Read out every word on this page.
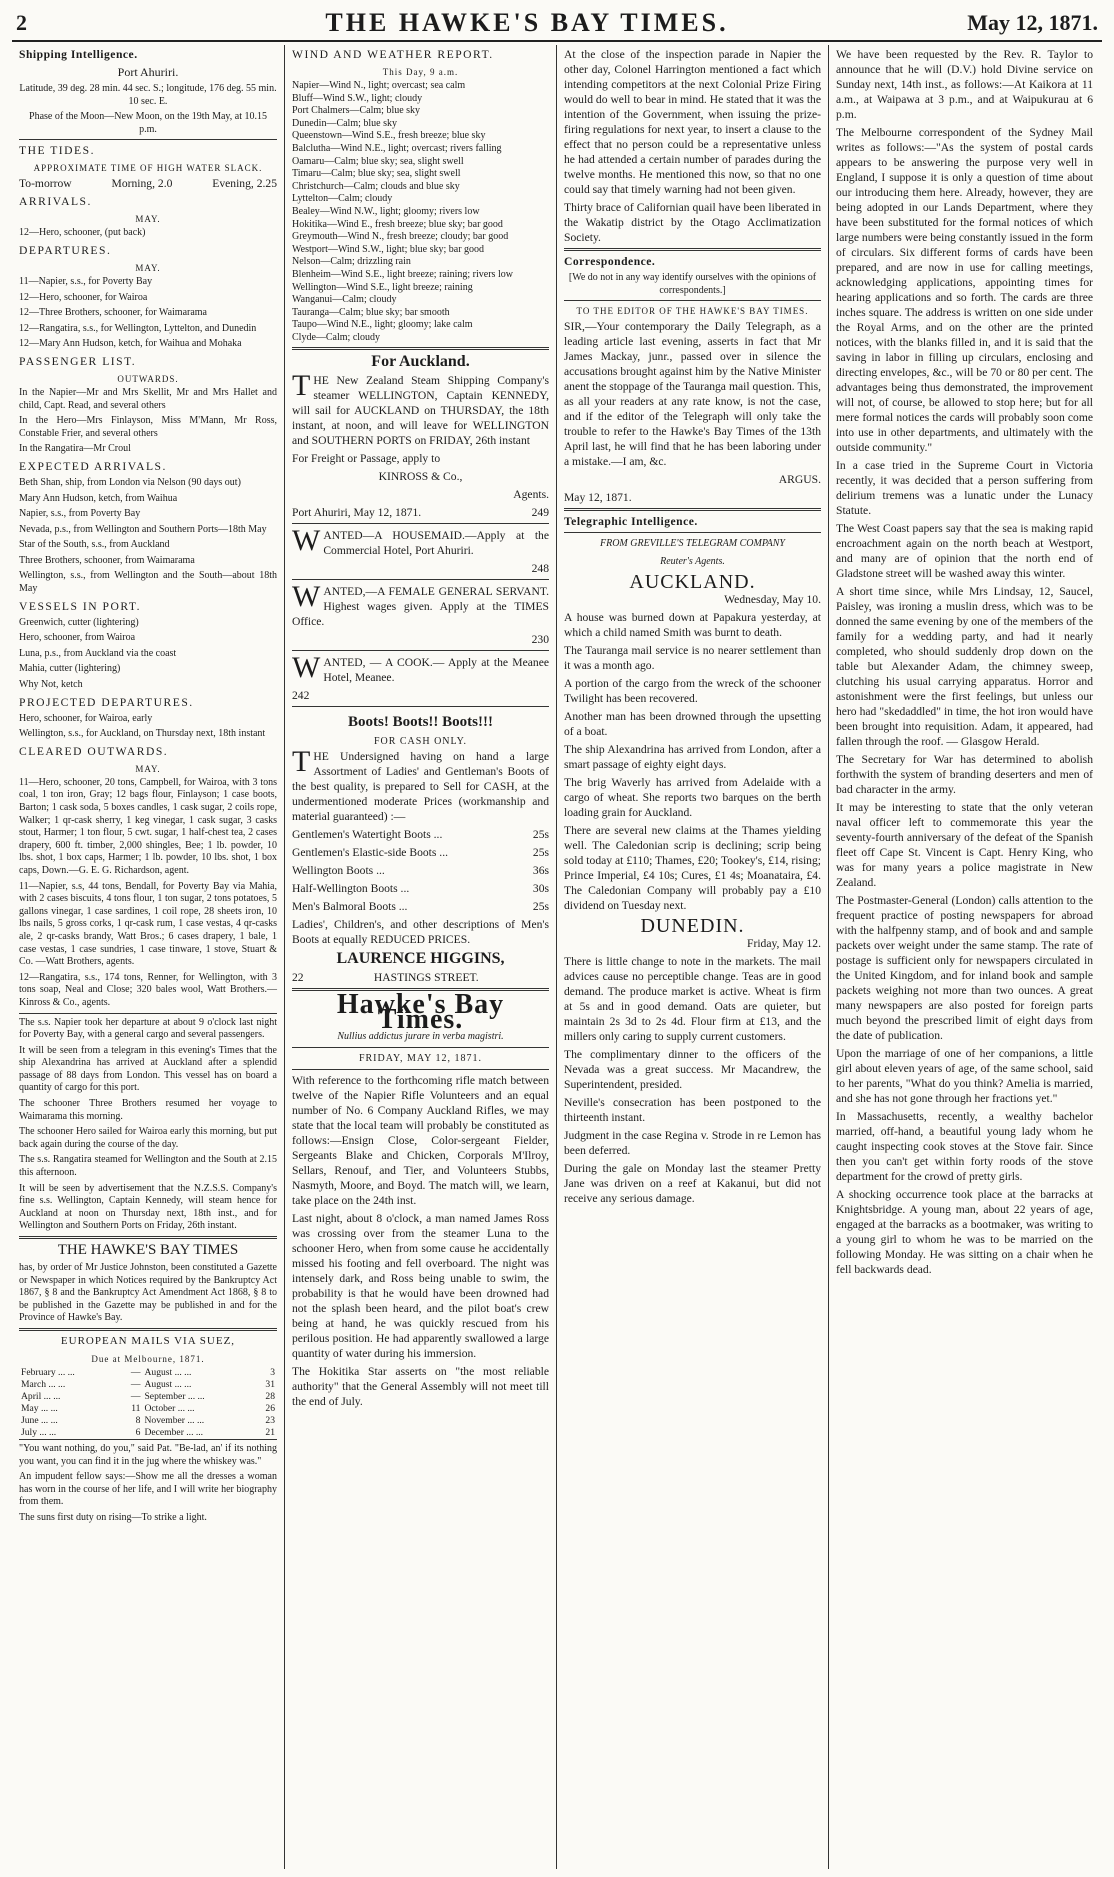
2	THE HAWKE'S BAY TIMES.	May 12, 1871.
Shipping Intelligence.
Port Ahuriri.

Latitude, 39 deg. 28 min. 44 sec. S.; longitude, 176 deg. 55 min. 10 sec. E.

Phase of the Moon—New Moon, on the 19th May, at 10.15 p.m.

THE TIDES.
APPROXIMATE TIME OF HIGH WATER SLACK.
To-morrow	Morning, 2.0	Evening, 2.25
ARRIVALS.
MAY.

12—Hero, schooner, (put back)

DEPARTURES.
MAY.

11—Napier, s.s., for Poverty Bay

12—Hero, schooner, for Wairoa

12—Three Brothers, schooner, for Waimarama

12—Rangatira, s.s., for Wellington, Lyttelton, and Dunedin

12—Mary Ann Hudson, ketch, for Waihua and Mohaka

PASSENGER LIST.
OUTWARDS.

In the Napier—Mr and Mrs Skellit, Mr and Mrs Hallet and child, Capt. Read, and several others

In the Hero—Mrs Finlayson, Miss M'Mann, Mr Ross, Constable Frier, and several others

In the Rangatira—Mr Croul

EXPECTED ARRIVALS.

Beth Shan, ship, from London via Nelson (90 days out)

Mary Ann Hudson, ketch, from Waihua

Napier, s.s., from Poverty Bay

Nevada, p.s., from Wellington and Southern Ports—18th May

Star of the South, s.s., from Auckland

Three Brothers, schooner, from Waimarama

Wellington, s.s., from Wellington and the South—about 18th May

VESSELS IN PORT.

Greenwich, cutter (lightering)

Hero, schooner, from Wairoa

Luna, p.s., from Auckland via the coast

Mahia, cutter (lightering)

Why Not, ketch

PROJECTED DEPARTURES.

Hero, schooner, for Wairoa, early

Wellington, s.s., for Auckland, on Thursday next, 18th instant

CLEARED OUTWARDS.
MAY.

11—Hero, schooner, 20 tons, Campbell, for Wairoa, with 3 tons coal, 1 ton iron, Gray; 12 bags flour, Finlayson; 1 case boots, Barton; 1 cask soda, 5 boxes candles, 1 cask sugar, 2 coils rope, Walker; 1 qr-cask sherry, 1 keg vinegar, 1 cask sugar, 3 casks stout, Harmer; 1 ton flour, 5 cwt. sugar, 1 half-chest tea, 2 cases drapery, 600 ft. timber, 2,000 shingles, Bee; 1 lb. powder, 10 lbs. shot, 1 box caps, Harmer; 1 lb. powder, 10 lbs. shot, 1 box caps, Down.—G. E. G. Richardson, agent.

11—Napier, s.s, 44 tons, Bendall, for Poverty Bay via Mahia, with 2 cases biscuits, 4 tons flour, 1 ton sugar, 2 tons potatoes, 5 gallons vinegar, 1 case sardines, 1 coil rope, 28 sheets iron, 10 lbs nails, 5 gross corks, 1 qr-cask rum, 1 case vestas, 4 qr-casks ale, 2 qr-casks brandy, Watt Bros.; 6 cases drapery, 1 bale, 1 case vestas, 1 case sundries, 1 case tinware, 1 stove, Stuart & Co. —Watt Brothers, agents.

12—Rangatira, s.s., 174 tons, Renner, for Wellington, with 3 tons soap, Neal and Close; 320 bales wool, Watt Brothers.—Kinross & Co., agents.

The s.s. Napier took her departure at about 9 o'clock last night for Poverty Bay, with a general cargo and several passengers.

It will be seen from a telegram in this evening's Times that the ship Alexandrina has arrived at Auckland after a splendid passage of 88 days from London. This vessel has on board a quantity of cargo for this port.

The schooner Three Brothers resumed her voyage to Waimarama this morning.

The schooner Hero sailed for Wairoa early this morning, but put back again during the course of the day.

The s.s. Rangatira steamed for Wellington and the South at 2.15 this afternoon.

It will be seen by advertisement that the N.Z.S.S. Company's fine s.s. Wellington, Captain Kennedy, will steam hence for Auckland at noon on Thursday next, 18th inst., and for Wellington and Southern Ports on Friday, 26th instant.

THE HAWKE'S BAY TIMES

has, by order of Mr Justice Johnston, been constituted a Gazette or Newspaper in which Notices required by the Bankruptcy Act 1867, § 8 and the Bankruptcy Act Amendment Act 1868, § 8 to be published in the Gazette may be published in and for the Province of Hawke's Bay.

EUROPEAN MAILS VIA SUEZ,
Due at Melbourne, 1871.
February ... ...	—	August ... ...	3
March ... ...	—	August ... ...	31
April ... ...	—	September ... ...	28
May ... ...	11	October ... ...	26
June ... ...	8	November ... ...	23
July ... ...	6	December ... ...	21

"You want nothing, do you," said Pat. "Be-lad, an' if its nothing you want, you can find it in the jug where the whiskey was."

An impudent fellow says:—Show me all the dresses a woman has worn in the course of her life, and I will write her biography from them.

The suns first duty on rising—To strike a light.

WIND AND WEATHER REPORT.
This Day, 9 a.m.
Napier—Wind N., light; overcast; sea calm
Bluff—Wind S.W., light; cloudy
Port Chalmers—Calm; blue sky
Dunedin—Calm; blue sky
Queenstown—Wind S.E., fresh breeze; blue sky
Balclutha—Wind N.E., light; overcast; rivers falling
Oamaru—Calm; blue sky; sea, slight swell
Timaru—Calm; blue sky; sea, slight swell
Christchurch—Calm; clouds and blue sky
Lyttelton—Calm; cloudy
Bealey—Wind N.W., light; gloomy; rivers low
Hokitika—Wind E., fresh breeze; blue sky; bar good
Greymouth—Wind N., fresh breeze; cloudy; bar good
Westport—Wind S.W., light; blue sky; bar good
Nelson—Calm; drizzling rain
Blenheim—Wind S.E., light breeze; raining; rivers low
Wellington—Wind S.E., light breeze; raining
Wanganui—Calm; cloudy
Tauranga—Calm; blue sky; bar smooth
Taupo—Wind N.E., light; gloomy; lake calm
Clyde—Calm; cloudy
For Auckland.

THE New Zealand Steam Shipping Company's steamer WELLINGTON, Captain KENNEDY, will sail for AUCKLAND on THURSDAY, the 18th instant, at noon, and will leave for WELLINGTON and SOUTHERN PORTS on FRIDAY, 26th instant

For Freight or Passage, apply to

KINROSS & Co.,

Agents.

Port Ahuriri, May 12, 1871.	249

WANTED—A HOUSEMAID.—Apply at the Commercial Hotel, Port Ahuriri.

248

WANTED,—A FEMALE GENERAL SERVANT. Highest wages given. Apply at the TIMES Office.

230

WANTED, — A COOK.— Apply at the Meanee Hotel, Meanee.

242

Boots! Boots!! Boots!!!
FOR CASH ONLY.

THE Undersigned having on hand a large Assortment of Ladies' and Gentleman's Boots of the best quality, is prepared to Sell for CASH, at the undermentioned moderate Prices (workmanship and material guaranteed) :—

Gentlemen's Watertight Boots ...	25s
Gentlemen's Elastic-side Boots ...	25s
Wellington Boots ...	36s
Half-Wellington Boots ...	30s
Men's Balmoral Boots ...	25s

Ladies', Children's, and other descriptions of Men's Boots at equally REDUCED PRICES.

LAURENCE HIGGINS,
22	HASTINGS STREET.

Hawke's Bay Times.

Nullius addictus jurare in verba magistri.

FRIDAY, MAY 12, 1871.

With reference to the forthcoming rifle match between twelve of the Napier Rifle Volunteers and an equal number of No. 6 Company Auckland Rifles, we may state that the local team will probably be constituted as follows:—Ensign Close, Color-sergeant Fielder, Sergeants Blake and Chicken, Corporals M'Ilroy, Sellars, Renouf, and Tier, and Volunteers Stubbs, Nasmyth, Moore, and Boyd. The match will, we learn, take place on the 24th inst.

Last night, about 8 o'clock, a man named James Ross was crossing over from the steamer Luna to the schooner Hero, when from some cause he accidentally missed his footing and fell overboard. The night was intensely dark, and Ross being unable to swim, the probability is that he would have been drowned had not the splash been heard, and the pilot boat's crew being at hand, he was quickly rescued from his perilous position. He had apparently swallowed a large quantity of water during his immersion.

The Hokitika Star asserts on "the most reliable authority" that the General Assembly will not meet till the end of July.

At the close of the inspection parade in Napier the other day, Colonel Harrington mentioned a fact which intending competitors at the next Colonial Prize Firing would do well to bear in mind. He stated that it was the intention of the Government, when issuing the prize-firing regulations for next year, to insert a clause to the effect that no person could be a representative unless he had attended a certain number of parades during the twelve months. He mentioned this now, so that no one could say that timely warning had not been given.

Thirty brace of Californian quail have been liberated in the Wakatip district by the Otago Acclimatization Society.

Correspondence.

[We do not in any way identify ourselves with the opinions of correspondents.]

TO THE EDITOR OF THE HAWKE'S BAY TIMES.

SIR,—Your contemporary the Daily Telegraph, as a leading article last evening, asserts in fact that Mr James Mackay, junr., passed over in silence the accusations brought against him by the Native Minister anent the stoppage of the Tauranga mail question. This, as all your readers at any rate know, is not the case, and if the editor of the Telegraph will only take the trouble to refer to the Hawke's Bay Times of the 13th April last, he will find that he has been laboring under a mistake.—I am, &c.

ARGUS.

May 12, 1871.

Telegraphic Intelligence.

FROM GREVILLE'S TELEGRAM COMPANY

Reuter's Agents.

AUCKLAND.

Wednesday, May 10.

A house was burned down at Papakura yesterday, at which a child named Smith was burnt to death.

The Tauranga mail service is no nearer settlement than it was a month ago.

A portion of the cargo from the wreck of the schooner Twilight has been recovered.

Another man has been drowned through the upsetting of a boat.

The ship Alexandrina has arrived from London, after a smart passage of eighty eight days.

The brig Waverly has arrived from Adelaide with a cargo of wheat. She reports two barques on the berth loading grain for Auckland.

There are several new claims at the Thames yielding well. The Caledonian scrip is declining; scrip being sold today at £110; Thames, £20; Tookey's, £14, rising; Prince Imperial, £4 10s; Cures, £1 4s; Moanataira, £4. The Caledonian Company will probably pay a £10 dividend on Tuesday next.

DUNEDIN.

Friday, May 12.

There is little change to note in the markets. The mail advices cause no perceptible change. Teas are in good demand. The produce market is active. Wheat is firm at 5s and in good demand. Oats are quieter, but maintain 2s 3d to 2s 4d. Flour firm at £13, and the millers only caring to supply current customers.

The complimentary dinner to the officers of the Nevada was a great success. Mr Macandrew, the Superintendent, presided.

Neville's consecration has been postponed to the thirteenth instant.

Judgment in the case Regina v. Strode in re Lemon has been deferred.

During the gale on Monday last the steamer Pretty Jane was driven on a reef at Kakanui, but did not receive any serious damage.

We have been requested by the Rev. R. Taylor to announce that he will (D.V.) hold Divine service on Sunday next, 14th inst., as follows:—At Kaikora at 11 a.m., at Waipawa at 3 p.m., and at Waipukurau at 6 p.m.

The Melbourne correspondent of the Sydney Mail writes as follows:—"As the system of postal cards appears to be answering the purpose very well in England, I suppose it is only a question of time about our introducing them here. Already, however, they are being adopted in our Lands Department, where they have been substituted for the formal notices of which large numbers were being constantly issued in the form of circulars. Six different forms of cards have been prepared, and are now in use for calling meetings, acknowledging applications, appointing times for hearing applications and so forth. The cards are three inches square. The address is written on one side under the Royal Arms, and on the other are the printed notices, with the blanks filled in, and it is said that the saving in labor in filling up circulars, enclosing and directing envelopes, &c., will be 70 or 80 per cent. The advantages being thus demonstrated, the improvement will not, of course, be allowed to stop here; but for all mere formal notices the cards will probably soon come into use in other departments, and ultimately with the outside community."

In a case tried in the Supreme Court in Victoria recently, it was decided that a person suffering from delirium tremens was a lunatic under the Lunacy Statute.

The West Coast papers say that the sea is making rapid encroachment again on the north beach at Westport, and many are of opinion that the north end of Gladstone street will be washed away this winter.

A short time since, while Mrs Lindsay, 12, Saucel, Paisley, was ironing a muslin dress, which was to be donned the same evening by one of the members of the family for a wedding party, and had it nearly completed, who should suddenly drop down on the table but Alexander Adam, the chimney sweep, clutching his usual carrying apparatus. Horror and astonishment were the first feelings, but unless our hero had "skedaddled" in time, the hot iron would have been brought into requisition. Adam, it appeared, had fallen through the roof. — Glasgow Herald.

The Secretary for War has determined to abolish forthwith the system of branding deserters and men of bad character in the army.

It may be interesting to state that the only veteran naval officer left to commemorate this year the seventy-fourth anniversary of the defeat of the Spanish fleet off Cape St. Vincent is Capt. Henry King, who was for many years a police magistrate in New Zealand.

The Postmaster-General (London) calls attention to the frequent practice of posting newspapers for abroad with the halfpenny stamp, and of book and and sample packets over weight under the same stamp. The rate of postage is sufficient only for newspapers circulated in the United Kingdom, and for inland book and sample packets weighing not more than two ounces. A great many newspapers are also posted for foreign parts much beyond the prescribed limit of eight days from the date of publication.

Upon the marriage of one of her companions, a little girl about eleven years of age, of the same school, said to her parents, "What do you think? Amelia is married, and she has not gone through her fractions yet."

In Massachusetts, recently, a wealthy bachelor married, off-hand, a beautiful young lady whom he caught inspecting cook stoves at the Stove fair. Since then you can't get within forty roods of the stove department for the crowd of pretty girls.

A shocking occurrence took place at the barracks at Knightsbridge. A young man, about 22 years of age, engaged at the barracks as a bootmaker, was writing to a young girl to whom he was to be married on the following Monday. He was sitting on a chair when he fell backwards dead.
